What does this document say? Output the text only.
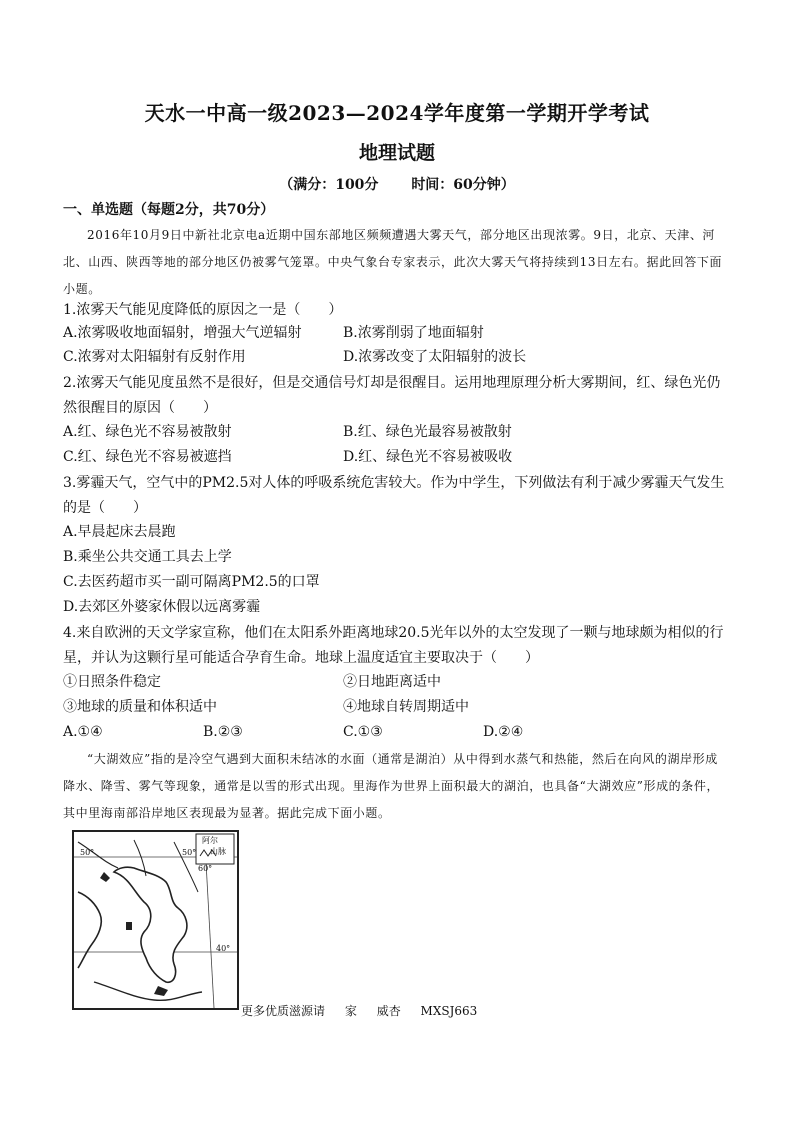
天水一中高一级2023—2024学年度第一学期开学考试
地理试题
（满分：100分 时间：60分钟）
一、单选题（每题2分，共70分）
2016年10月9日中新社北京电a近期中国东部地区频频遭遇大雾天气，部分地区出现浓雾。9日，北京、天津、河北、山西、陕西等地的部分地区仍被雾气笼罩。中央气象台专家表示，此次大雾天气将持续到13日左右。据此回答下面小题。
1.浓雾天气能见度降低的原因之一是（　　）
A.浓雾吸收地面辐射，增强大气逆辐射	B.浓雾削弱了地面辐射
C.浓雾对太阳辐射有反射作用	D.浓雾改变了太阳辐射的波长
2.浓雾天气能见度虽然不是很好，但是交通信号灯却是很醒目。运用地理原理分析大雾期间，红、绿色光仍然很醒目的原因（　　）
A.红、绿色光不容易被散射	B.红、绿色光最容易被散射
C.红、绿色光不容易被遮挡	D.红、绿色光不容易被吸收
3.雾霾天气，空气中的PM2.5对人体的呼吸系统危害较大。作为中学生，下列做法有利于减少雾霾天气发生的是（　　）
A.早晨起床去晨跑
B.乘坐公共交通工具去上学
C.去医药超市买一副可隔离PM2.5的口罩
D.去郊区外婆家休假以远离雾霾
4.来自欧洲的天文学家宣称，他们在太阳系外距离地球20.5光年以外的太空发现了一颗与地球颇为相似的行星，并认为这颗行星可能适合孕育生命。地球上温度适宜主要取决于（　　）
①日照条件稳定	②日地距离适中
③地球的质量和体积适中	④地球自转周期适中
A.①④	B.②③	C.①③	D.②④
“大湖效应”指的是冷空气遇到大面积未结冰的水面（通常是湖泊）从中得到水蒸气和热能，然后在向风的湖岸形成降水、降雪、雾气等现象，通常是以雪的形式出现。里海作为世界上面积最大的湖泊，也具备“大湖效应”形成的条件，其中里海南部沿岸地区表现最为显著。据此完成下面小题。
阿尔
山脉
50°	50°
60°
40°
更多优质滋源请 家 威杏 MXSJ663
